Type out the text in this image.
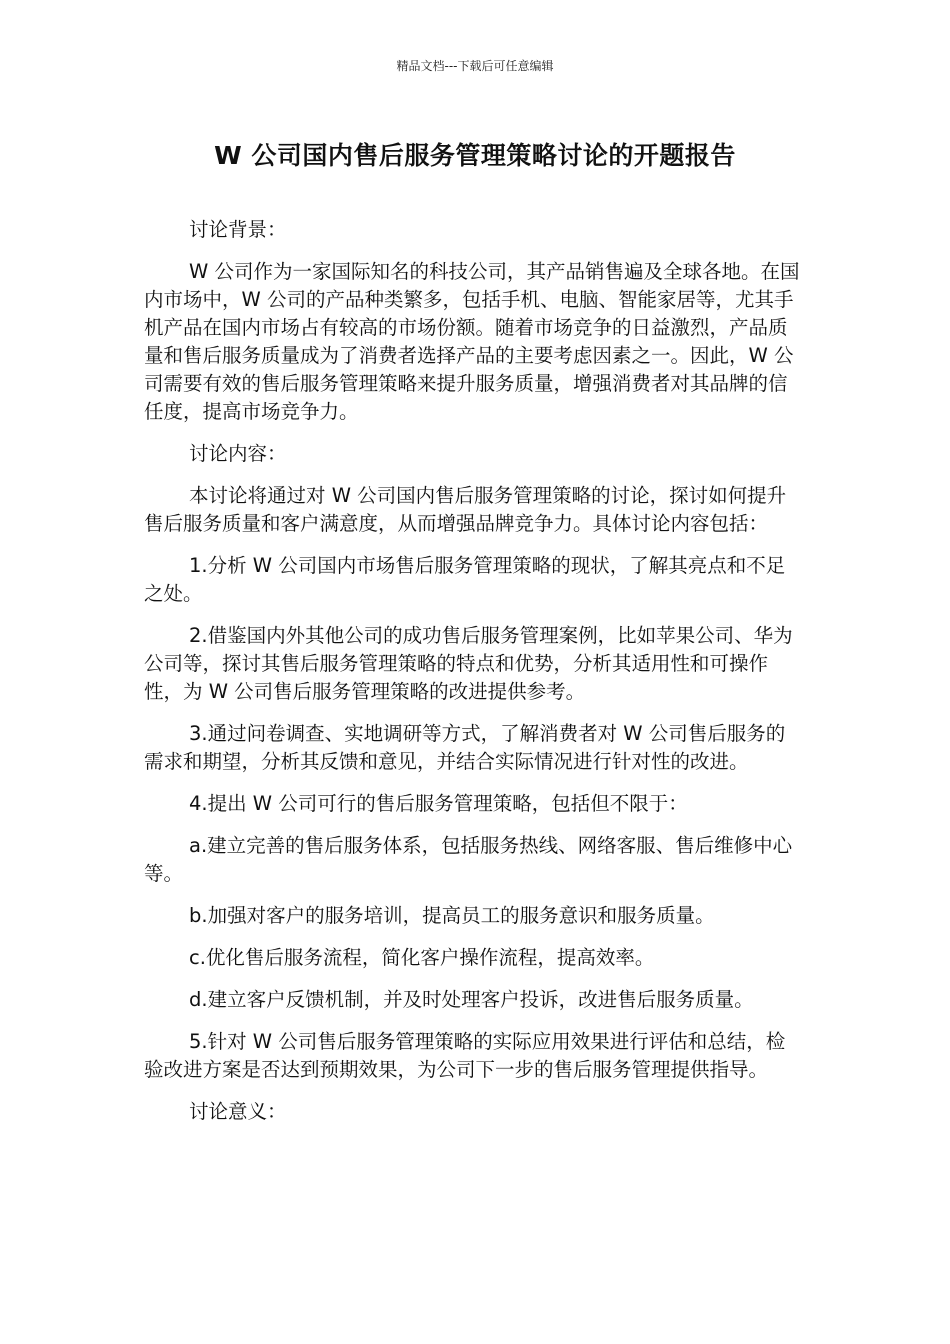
精品文档---下载后可任意编辑
W 公司国内售后服务管理策略讨论的开题报告

讨论背景：

W 公司作为一家国际知名的科技公司，其产品销售遍及全球各地。在国内市场中，W 公司的产品种类繁多，包括手机、电脑、智能家居等，尤其手机产品在国内市场占有较高的市场份额。随着市场竞争的日益激烈，产品质量和售后服务质量成为了消费者选择产品的主要考虑因素之一。因此，W 公司需要有效的售后服务管理策略来提升服务质量，增强消费者对其品牌的信任度，提高市场竞争力。

讨论内容：

本讨论将通过对 W 公司国内售后服务管理策略的讨论，探讨如何提升售后服务质量和客户满意度，从而增强品牌竞争力。具体讨论内容包括：

1.分析 W 公司国内市场售后服务管理策略的现状，了解其亮点和不足之处。

2.借鉴国内外其他公司的成功售后服务管理案例，比如苹果公司、华为公司等，探讨其售后服务管理策略的特点和优势，分析其适用性和可操作性，为 W 公司售后服务管理策略的改进提供参考。

3.通过问卷调查、实地调研等方式，了解消费者对 W 公司售后服务的需求和期望，分析其反馈和意见，并结合实际情况进行针对性的改进。

4.提出 W 公司可行的售后服务管理策略，包括但不限于：

a.建立完善的售后服务体系，包括服务热线、网络客服、售后维修中心等。

b.加强对客户的服务培训，提高员工的服务意识和服务质量。

c.优化售后服务流程，简化客户操作流程，提高效率。

d.建立客户反馈机制，并及时处理客户投诉，改进售后服务质量。

5.针对 W 公司售后服务管理策略的实际应用效果进行评估和总结，检验改进方案是否达到预期效果，为公司下一步的售后服务管理提供指导。

讨论意义：
